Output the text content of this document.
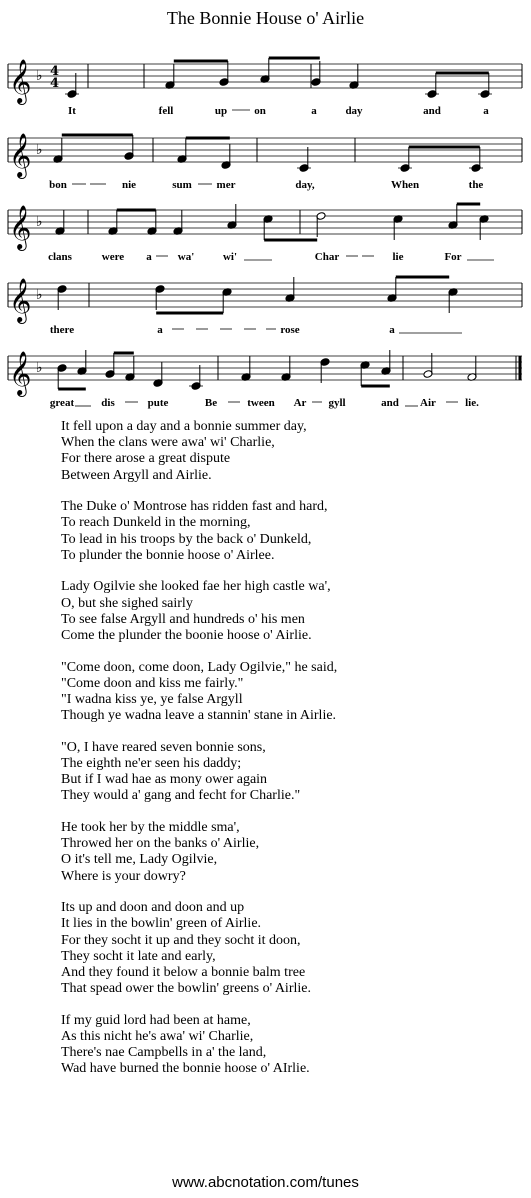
The Bonnie House o' Airlie
𝄞 ♭ 4
4
𝄞 ♭
𝄞 ♭
𝄞 ♭
𝄞 ♭
It	fell	up on	a	day	and	a
bon	nie	sum mer	day,	When	the
clans	were a wa'	wi'	Char	lie	For
there	a	rose	a
great dis	pute	Be	tween Ar gyll	and Air	lie.
It fell upon a day and a bonnie summer day,
When the clans were awa' wi' Charlie,
For there arose a great dispute
Between Argyll and Airlie.
The Duke o' Montrose has ridden fast and hard,
To reach Dunkeld in the morning,
To lead in his troops by the back o' Dunkeld,
To plunder the bonnie hoose o' Airlee.
Lady Ogilvie she looked fae her high castle wa',
O, but she sighed sairly
To see false Argyll and hundreds o' his men
Come the plunder the boonie hoose o' Airlie.
"Come doon, come doon, Lady Ogilvie," he said,
"Come doon and kiss me fairly."
"I wadna kiss ye, ye false Argyll
Though ye wadna leave a stannin' stane in Airlie.
"O, I have reared seven bonnie sons,
The eighth ne'er seen his daddy;
But if I wad hae as mony ower again
They would a' gang and fecht for Charlie."
He took her by the middle sma',
Throwed her on the banks o' Airlie,
O it's tell me, Lady Ogilvie,
Where is your dowry?
Its up and doon and doon and up
It lies in the bowlin' green of Airlie.
For they socht it up and they socht it doon,
They socht it late and early,
And they found it below a bonnie balm tree
That spead ower the bowlin' greens o' Airlie.
If my guid lord had been at hame,
As this nicht he's awa' wi' Charlie,
There's nae Campbells in a' the land,
Wad have burned the bonnie hoose o' AIrlie.
www.abcnotation.com/tunes
